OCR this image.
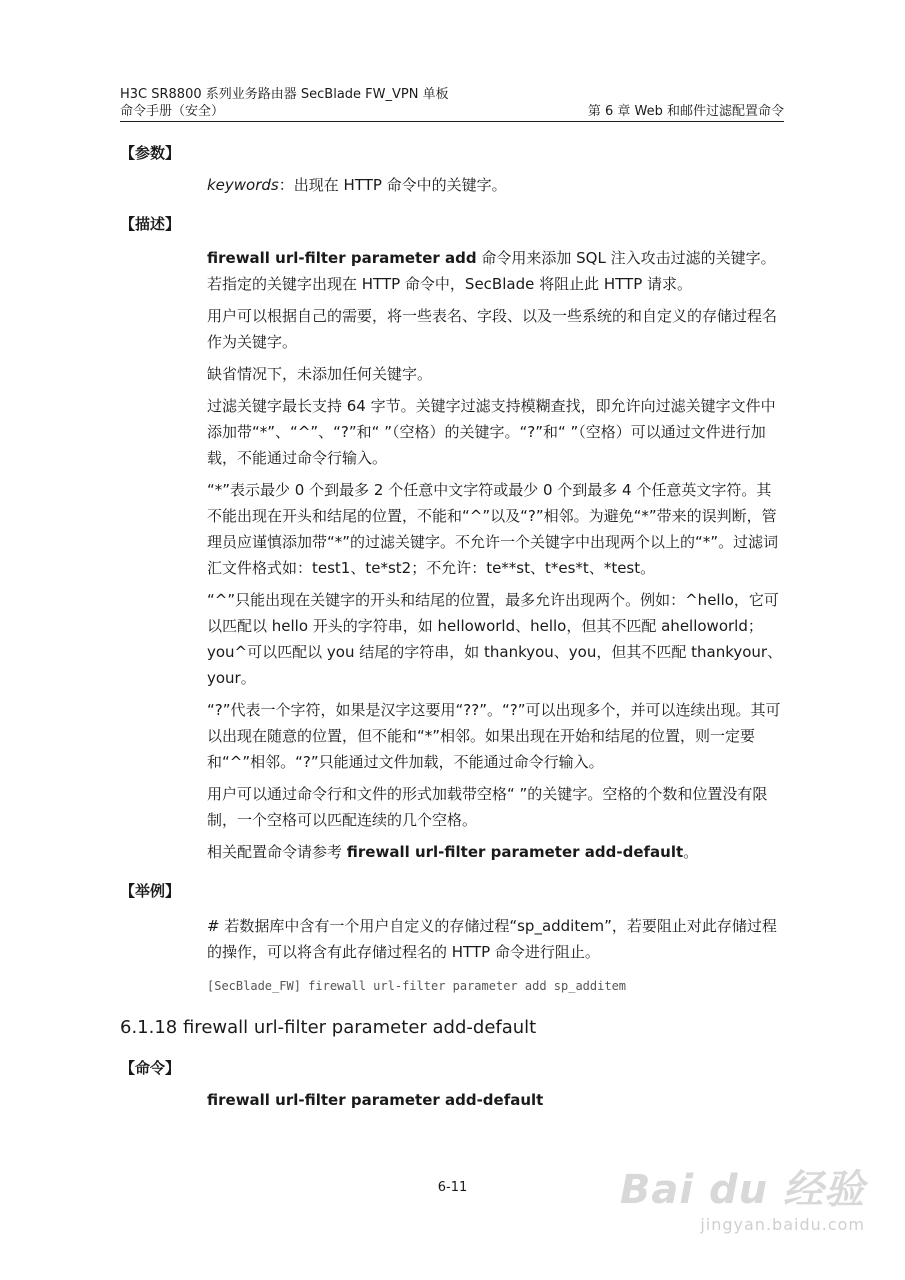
H3C SR8800 系列业务路由器 SecBlade FW_VPN 单板
命令手册（安全）	第 6 章 Web 和邮件过滤配置命令
【参数】
keywords：出现在 HTTP 命令中的关键字。
【描述】

firewall url-filter parameter add 命令用来添加 SQL 注入攻击过滤的关键字。若指定的关键字出现在 HTTP 命令中，SecBlade 将阻止此 HTTP 请求。

用户可以根据自己的需要，将一些表名、字段、以及一些系统的和自定义的存储过程名作为关键字。

缺省情况下，未添加任何关键字。

过滤关键字最长支持 64 字节。关键字过滤支持模糊查找，即允许向过滤关键字文件中添加带“*”、“^”、“?”和“ ”（空格）的关键字。“?”和“ ”（空格）可以通过文件进行加载，不能通过命令行输入。

“*”表示最少 0 个到最多 2 个任意中文字符或最少 0 个到最多 4 个任意英文字符。其不能出现在开头和结尾的位置，不能和“^”以及“?”相邻。为避免“*”带来的误判断，管理员应谨慎添加带“*”的过滤关键字。不允许一个关键字中出现两个以上的“*”。过滤词汇文件格式如：test1、te*st2；不允许：te**st、t*es*t、*test。

“^”只能出现在关键字的开头和结尾的位置，最多允许出现两个。例如：^hello，它可以匹配以 hello 开头的字符串，如 helloworld、hello，但其不匹配 ahelloworld；you^可以匹配以 you 结尾的字符串，如 thankyou、you，但其不匹配 thankyour、your。

“?”代表一个字符，如果是汉字这要用“??”。“?”可以出现多个，并可以连续出现。其可以出现在随意的位置，但不能和“*”相邻。如果出现在开始和结尾的位置，则一定要和“^”相邻。“?”只能通过文件加载，不能通过命令行输入。

用户可以通过命令行和文件的形式加载带空格“ ”的关键字。空格的个数和位置没有限制，一个空格可以匹配连续的几个空格。

相关配置命令请参考 firewall url-filter parameter add-default。

【举例】
# 若数据库中含有一个用户自定义的存储过程“sp_additem”，若要阻止对此存储过程的操作，可以将含有此存储过程名的 HTTP 命令进行阻止。
[SecBlade_FW] firewall url-filter parameter add sp_additem
6.1.18 firewall url-filter parameter add-default
【命令】
firewall url-filter parameter add-default
6-11	Bai du 经验
jingyan.baidu.com
